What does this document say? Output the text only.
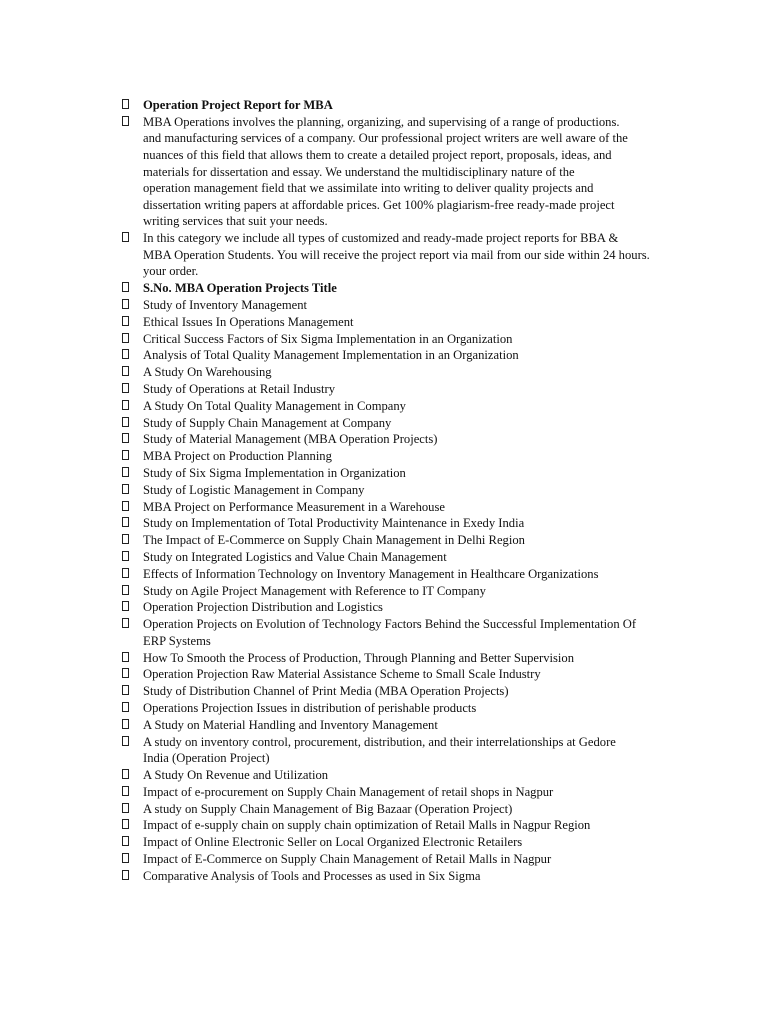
Operation Project Report for MBA
MBA Operations involves the planning, organizing, and supervising of a range of productions.
and manufacturing services of a company. Our professional project writers are well aware of the
nuances of this field that allows them to create a detailed project report, proposals, ideas, and
materials for dissertation and essay. We understand the multidisciplinary nature of the
operation management field that we assimilate into writing to deliver quality projects and
dissertation writing papers at affordable prices. Get 100% plagiarism-free ready-made project
writing services that suit your needs.
In this category we include all types of customized and ready-made project reports for BBA &
MBA Operation Students. You will receive the project report via mail from our side within 24 hours.
your order.
S.No. MBA Operation Projects Title
Study of Inventory Management
Ethical Issues In Operations Management
Critical Success Factors of Six Sigma Implementation in an Organization
Analysis of Total Quality Management Implementation in an Organization
A Study On Warehousing
Study of Operations at Retail Industry
A Study On Total Quality Management in Company
Study of Supply Chain Management at Company
Study of Material Management (MBA Operation Projects)
MBA Project on Production Planning
Study of Six Sigma Implementation in Organization
Study of Logistic Management in Company
MBA Project on Performance Measurement in a Warehouse
Study on Implementation of Total Productivity Maintenance in Exedy India
The Impact of E-Commerce on Supply Chain Management in Delhi Region
Study on Integrated Logistics and Value Chain Management
Effects of Information Technology on Inventory Management in Healthcare Organizations
Study on Agile Project Management with Reference to IT Company
Operation Projection Distribution and Logistics
Operation Projects on Evolution of Technology Factors Behind the Successful Implementation Of
ERP Systems
How To Smooth the Process of Production, Through Planning and Better Supervision
Operation Projection Raw Material Assistance Scheme to Small Scale Industry
Study of Distribution Channel of Print Media (MBA Operation Projects)
Operations Projection Issues in distribution of perishable products
A Study on Material Handling and Inventory Management
A study on inventory control, procurement, distribution, and their interrelationships at Gedore
India (Operation Project)
A Study On Revenue and Utilization
Impact of e-procurement on Supply Chain Management of retail shops in Nagpur
A study on Supply Chain Management of Big Bazaar (Operation Project)
Impact of e-supply chain on supply chain optimization of Retail Malls in Nagpur Region
Impact of Online Electronic Seller on Local Organized Electronic Retailers
Impact of E-Commerce on Supply Chain Management of Retail Malls in Nagpur
Comparative Analysis of Tools and Processes as used in Six Sigma
